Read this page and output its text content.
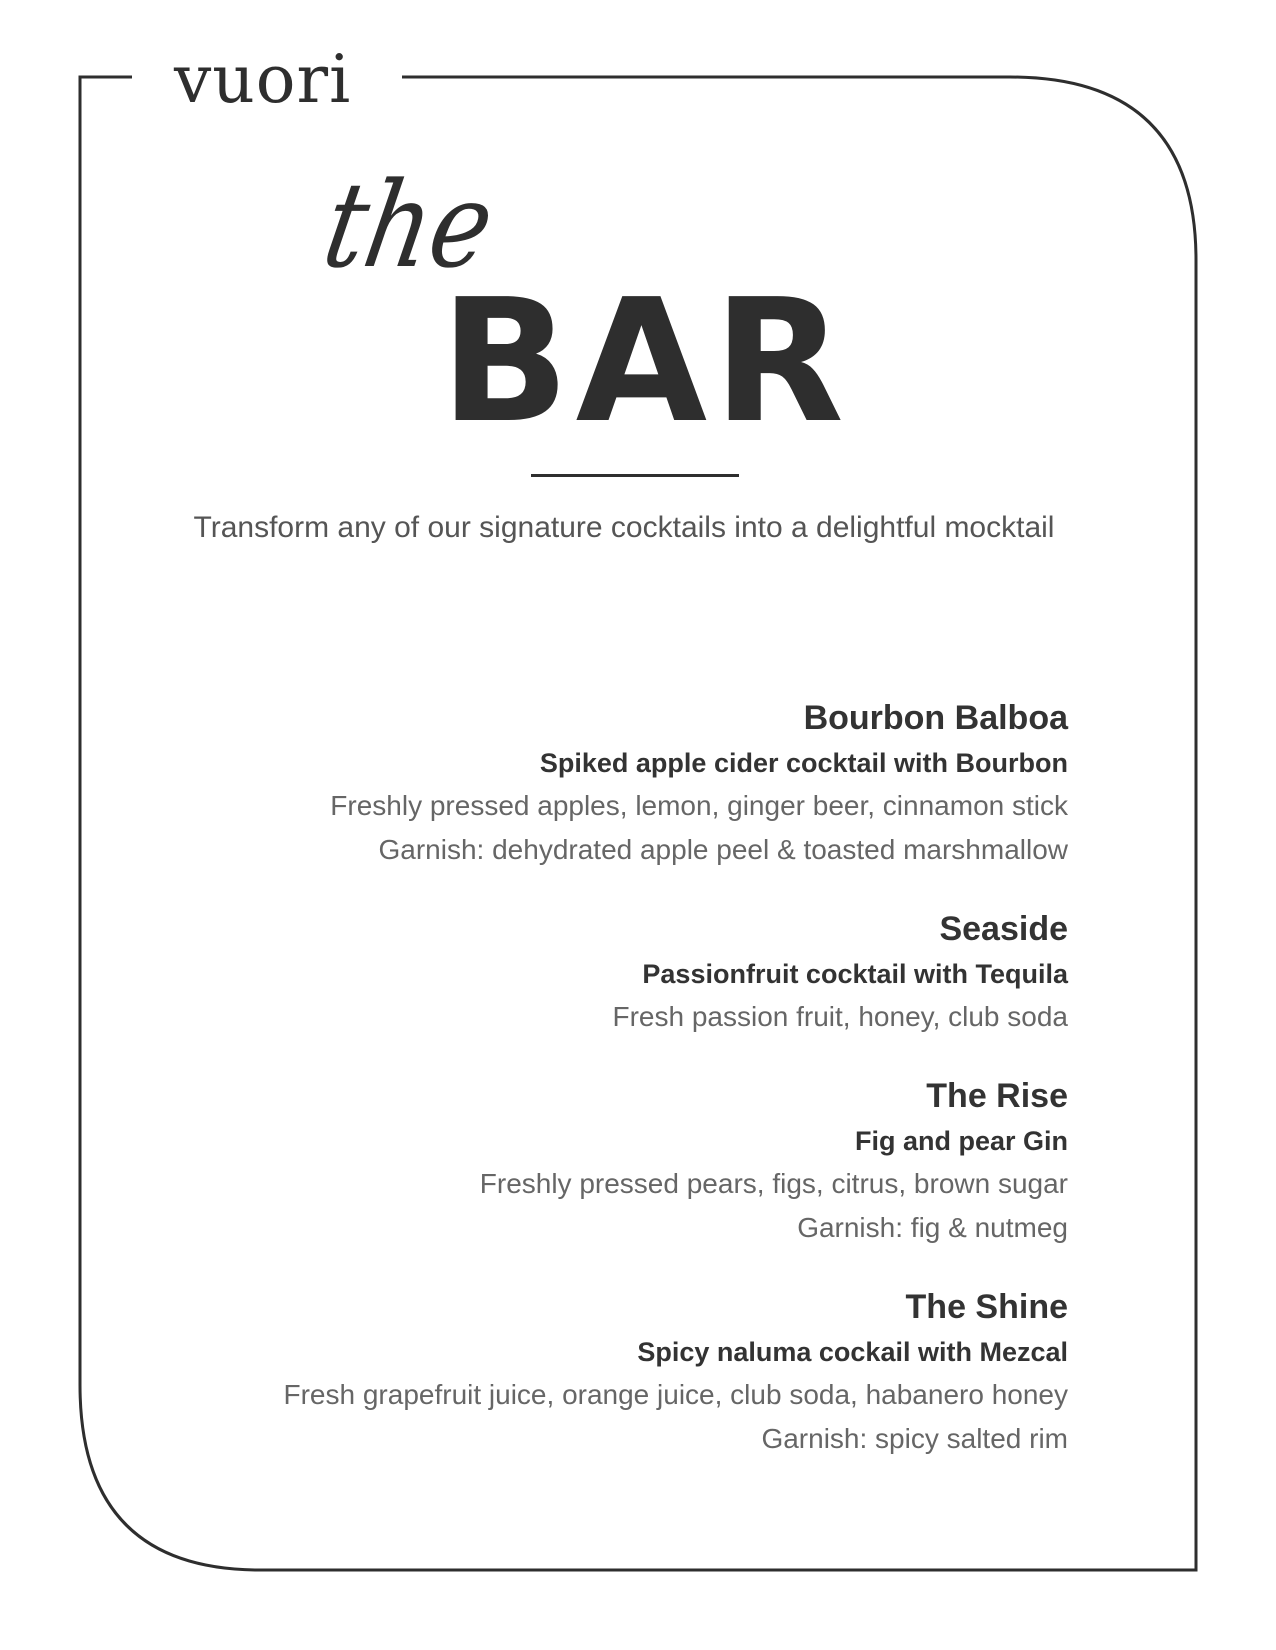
vuori
the
BAR
Transform any of our signature cocktails into a delightful mocktail
Bourbon Balboa
Spiked apple cider cocktail with Bourbon
Freshly pressed apples, lemon, ginger beer, cinnamon stick
Garnish: dehydrated apple peel & toasted marshmallow
Seaside
Passionfruit cocktail with Tequila
Fresh passion fruit, honey, club soda
The Rise
Fig and pear Gin
Freshly pressed pears, figs, citrus, brown sugar
Garnish: fig & nutmeg
The Shine
Spicy naluma cockail with Mezcal
Fresh grapefruit juice, orange juice, club soda, habanero honey
Garnish: spicy salted rim
